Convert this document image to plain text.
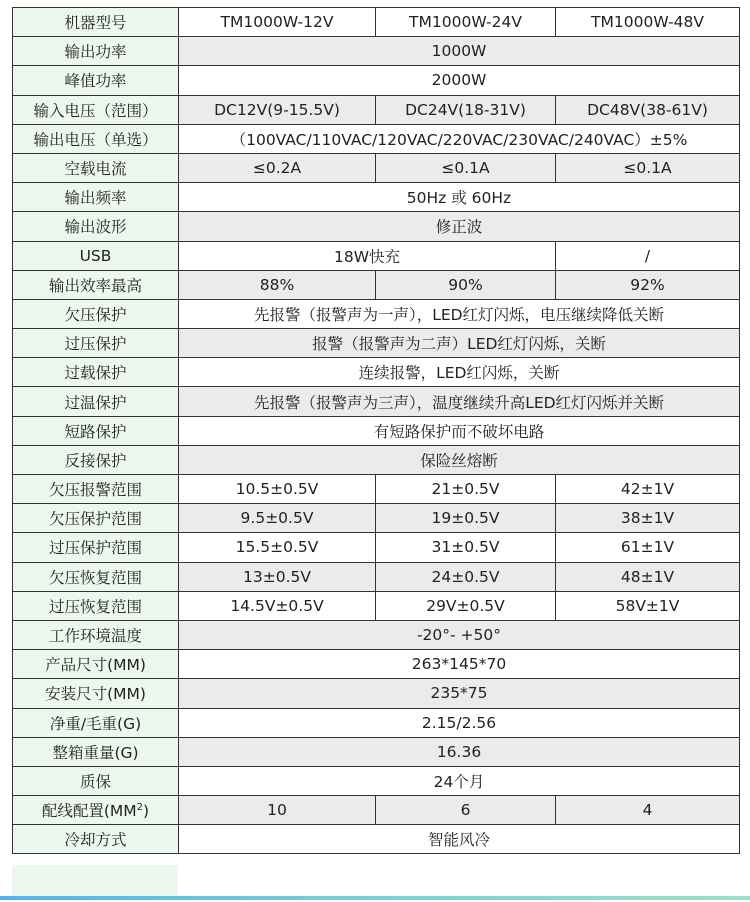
机器型号	TM1000W-12V	TM1000W-24V	TM1000W-48V
输出功率	1000W		
峰值功率	2000W		
输入电压（范围）	DC12V(9-15.5V)	DC24V(18-31V)	DC48V(38-61V)
输出电压（单选）	（100VAC/110VAC/120VAC/220VAC/230VAC/240VAC）±5%		
空载电流	≤0.2A	≤0.1A	≤0.1A
输出频率	50Hz 或 60Hz		
输出波形	修正波		
USB	18W快充		/
输出效率最高	88%	90%	92%
欠压保护	先报警（报警声为一声），LED红灯闪烁，电压继续降低关断		
过压保护	报警（报警声为二声）LED红灯闪烁，关断		
过载保护	连续报警，LED红闪烁，关断		
过温保护	先报警（报警声为三声），温度继续升高LED红灯闪烁并关断		
短路保护	有短路保护而不破坏电路		
反接保护	保险丝熔断		
欠压报警范围	10.5±0.5V	21±0.5V	42±1V
欠压保护范围	9.5±0.5V	19±0.5V	38±1V
过压保护范围	15.5±0.5V	31±0.5V	61±1V
欠压恢复范围	13±0.5V	24±0.5V	48±1V
过压恢复范围	14.5V±0.5V	29V±0.5V	58V±1V
工作环境温度	-20°- +50°		
产品尺寸(MM)	263*145*70		
安装尺寸(MM)	235*75		
净重/毛重(G)	2.15/2.56		
整箱重量(G)	16.36		
质保	24个月		
配线配置$(MM^2)$	10	6	4
冷却方式	智能风冷		
